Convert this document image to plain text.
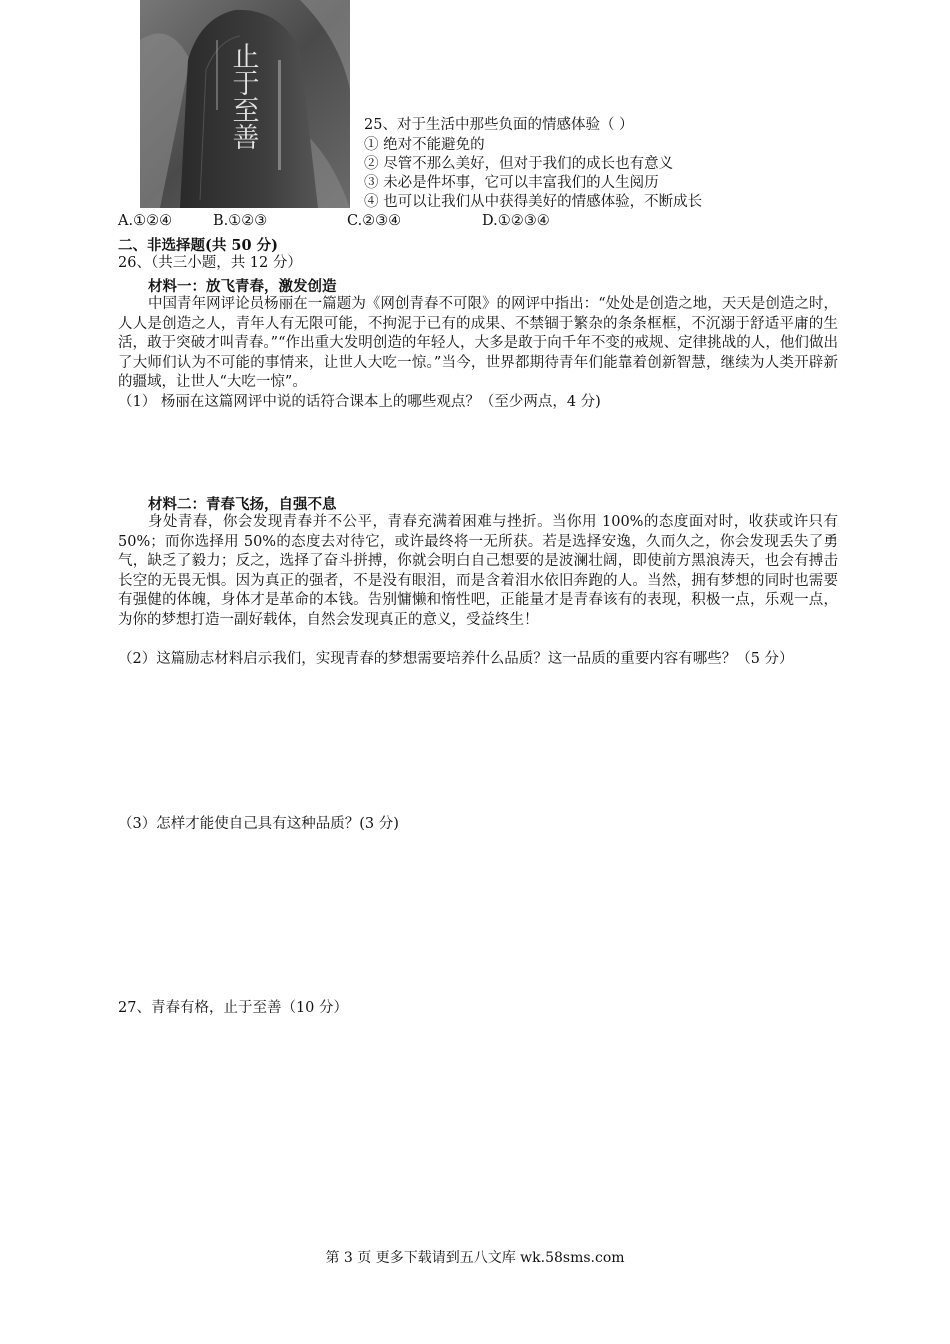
止于至善	25、对于生活中那些负面的情感体验（ ）
① 绝对不能避免的
② 尽管不那么美好，但对于我们的成长也有意义
③ 未必是件坏事，它可以丰富我们的人生阅历
④ 也可以让我们从中获得美好的情感体验，不断成长
A.①②④	B.①②③	C.②③④	D.①②③④
二、非选择题(共 50 分)
26、（共三小题，共 12 分）
材料一：放飞青春，激发创造
中国青年网评论员杨丽在一篇题为《网创青春不可限》的网评中指出：“处处是创造之地，天天是创造之时，人人是创造之人，青年人有无限可能，不拘泥于已有的成果、不禁锢于繁杂的条条框框，不沉溺于舒适平庸的生活，敢于突破才叫青春。”“作出重大发明创造的年轻人，大多是敢于向千年不变的戒规、定律挑战的人，他们做出了大师们认为不可能的事情来，让世人大吃一惊。”当今，世界都期待青年们能靠着创新智慧，继续为人类开辟新的疆域，让世人“大吃一惊”。
（1） 杨丽在这篇网评中说的话符合课本上的哪些观点？（至少两点，4 分)
材料二：青春飞扬，自强不息
身处青春，你会发现青春并不公平，青春充满着困难与挫折。当你用 100%的态度面对时，收获或许只有 50%；而你选择用 50%的态度去对待它，或许最终将一无所获。若是选择安逸，久而久之，你会发现丢失了勇气，缺乏了毅力；反之，选择了奋斗拼搏，你就会明白自己想要的是波澜壮阔，即使前方黑浪涛天，也会有搏击长空的无畏无惧。因为真正的强者，不是没有眼泪，而是含着泪水依旧奔跑的人。当然，拥有梦想的同时也需要有强健的体魄，身体才是革命的本钱。告别慵懒和惰性吧，正能量才是青春该有的表现，积极一点，乐观一点，为你的梦想打造一副好载体，自然会发现真正的意义，受益终生！
（2）这篇励志材料启示我们，实现青春的梦想需要培养什么品质？这一品质的重要内容有哪些？（5 分）
（3）怎样才能使自己具有这种品质？(3 分)
27、青春有格，止于至善（10 分）
第 3 页 更多下载请到五八文库 wk.58sms.com
